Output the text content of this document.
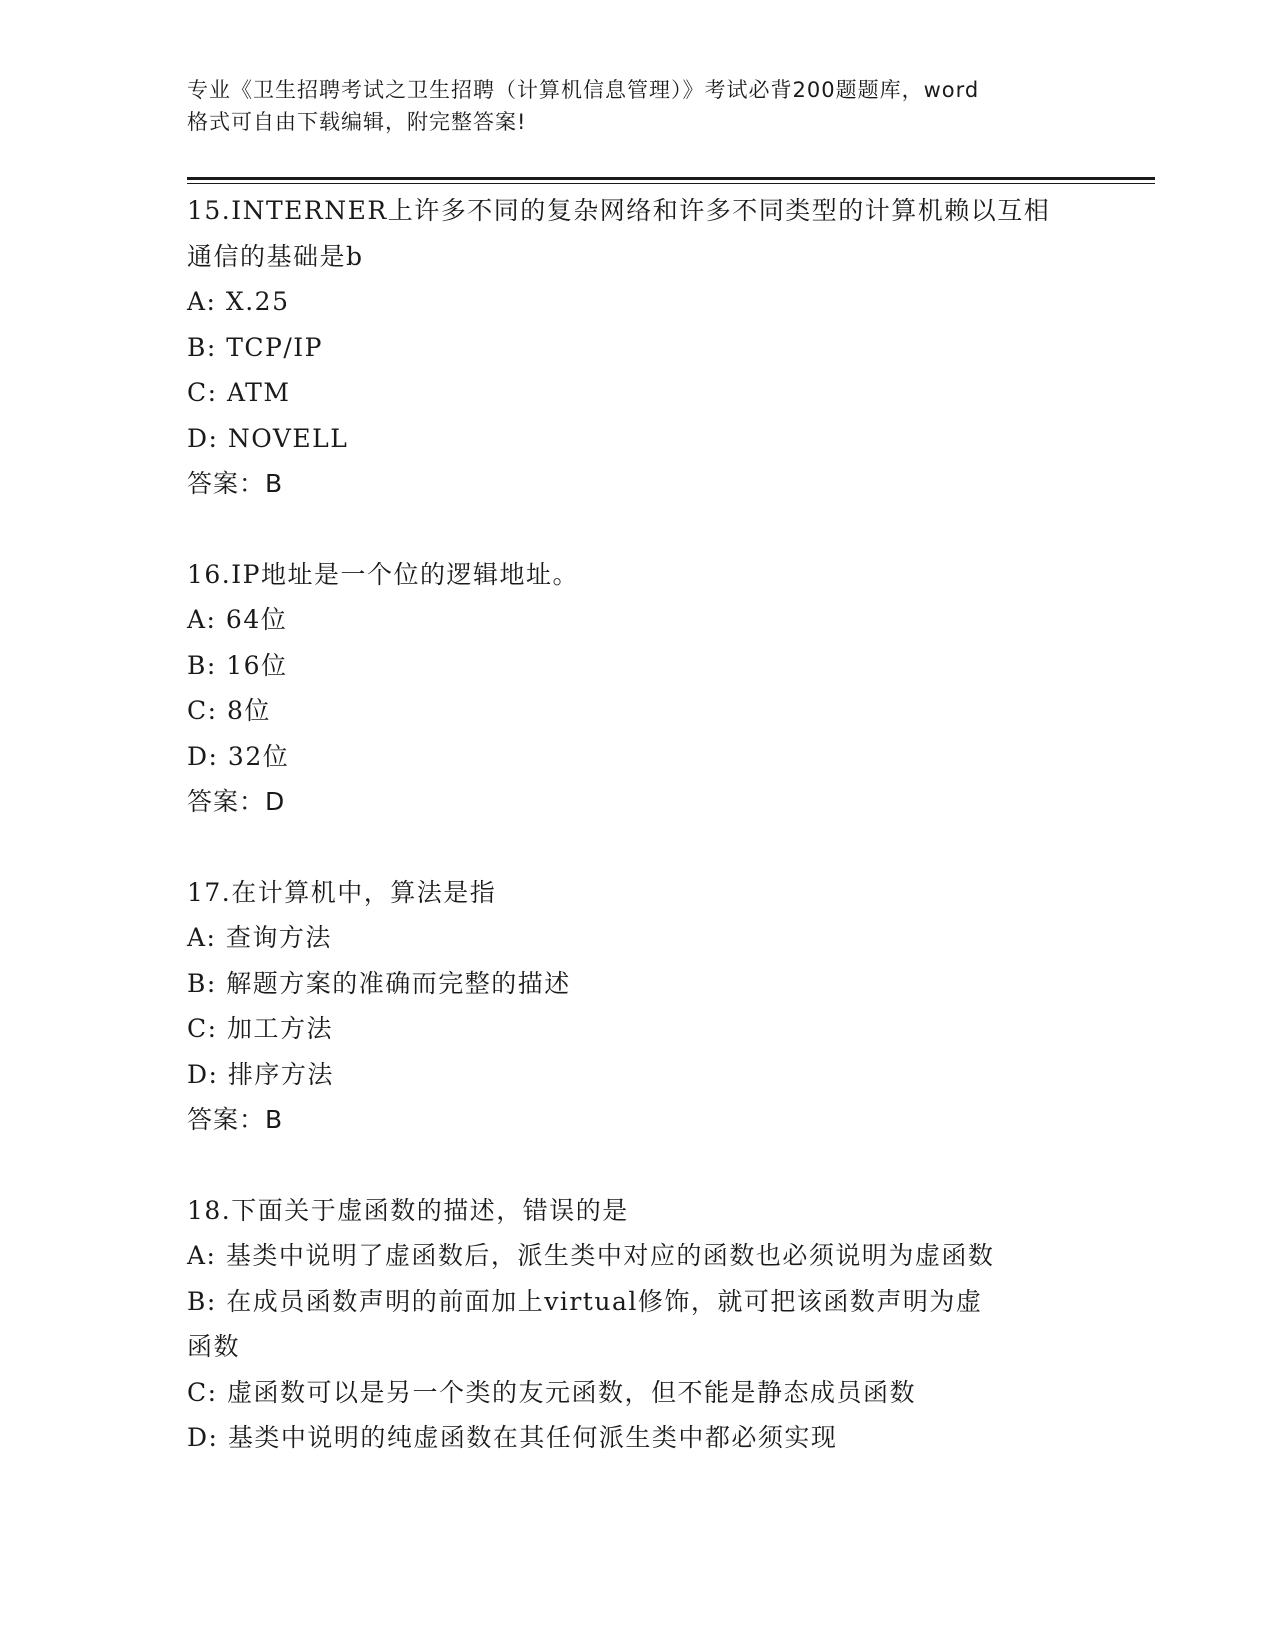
专业《卫生招聘考试之卫生招聘（计算机信息管理）》考试必背200题题库，word
格式可自由下载编辑，附完整答案!
15.INTERNER上许多不同的复杂网络和许多不同类型的计算机赖以互相
通信的基础是b
A: X.25
B: TCP/IP
C: ATM
D: NOVELL
答案：B
16.IP地址是一个位的逻辑地址。
A: 64位
B: 16位
C: 8位
D: 32位
答案：D
17.在计算机中，算法是指
A: 查询方法
B: 解题方案的准确而完整的描述
C: 加工方法
D: 排序方法
答案：B
18.下面关于虚函数的描述，错误的是
A: 基类中说明了虚函数后，派生类中对应的函数也必须说明为虚函数
B: 在成员函数声明的前面加上virtual修饰，就可把该函数声明为虚
函数
C: 虚函数可以是另一个类的友元函数，但不能是静态成员函数
D: 基类中说明的纯虚函数在其任何派生类中都必须实现
